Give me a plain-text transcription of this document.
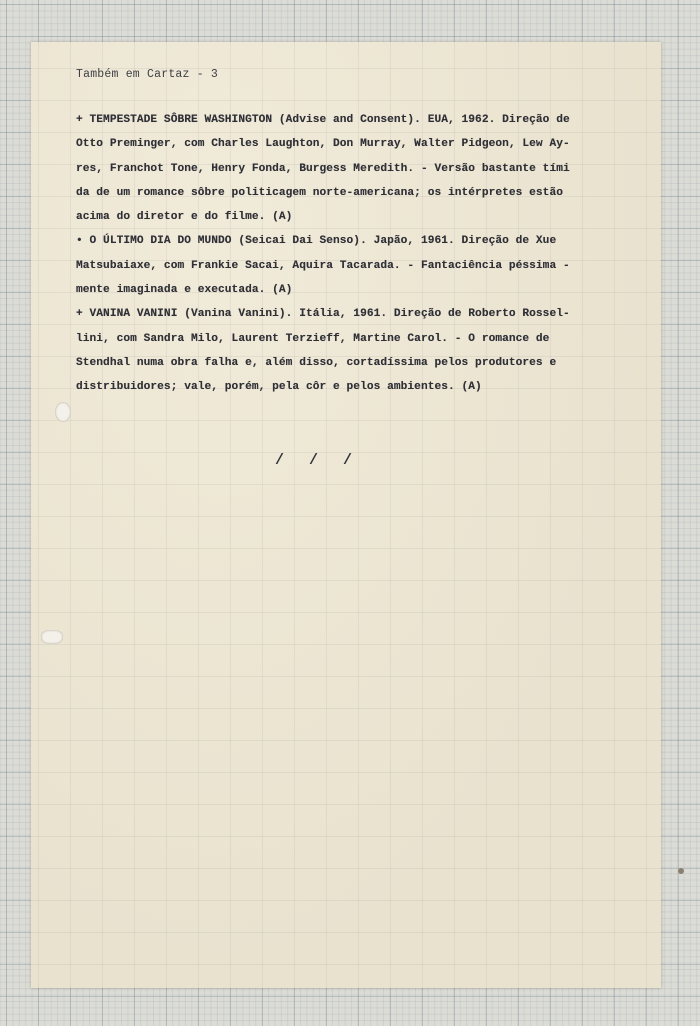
Também em Cartaz - 3
+ TEMPESTADE SÔBRE WASHINGTON (Advise and Consent). EUA, 1962. Direção de
Otto Preminger, com Charles Laughton, Don Murray, Walter Pidgeon, Lew Ay-
res, Franchot Tone, Henry Fonda, Burgess Meredith. - Versão bastante tími
da de um romance sôbre politicagem norte-americana; os intérpretes estão
acima do diretor e do filme. (A)
• O ÚLTIMO DIA DO MUNDO (Seicai Dai Senso). Japão, 1961. Direção de Xue
Matsubaiaxe, com Frankie Sacai, Aquira Tacarada. - Fantaciência péssima -
mente imaginada e executada. (A)
+ VANINA VANINI (Vanina Vanini). Itália, 1961. Direção de Roberto Rossel-
lini, com Sandra Milo, Laurent Terzieff, Martine Carol. - O romance de
Stendhal numa obra falha e, além disso, cortadíssima pelos produtores e
distribuidores; vale, porém, pela côr e pelos ambientes. (A)
/ / /
